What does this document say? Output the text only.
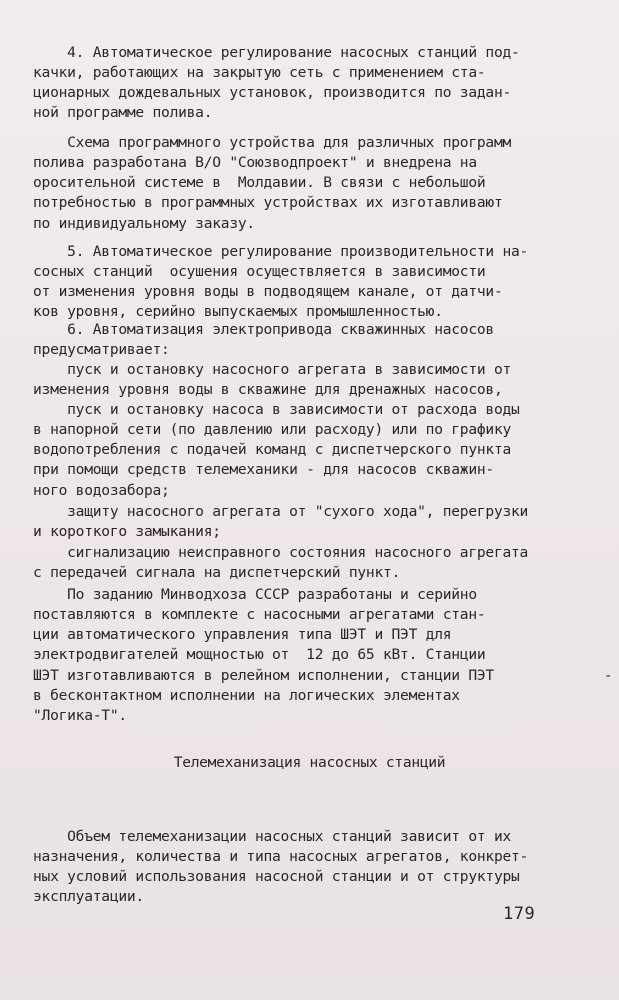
4. Автоматическое регулирование насосных станций под-
качки, работающих на закрытую сеть с применением ста-
ционарных дождевальных установок, производится по задан-
ной программе полива.
Схема программного устройства для различных программ
полива разработана В/О "Союзводпроект" и внедрена на
оросительной системе в  Молдавии. В связи с небольшой
потребностью в программных устройствах их изготавливают
по индивидуальному заказу.
5. Автоматическое регулирование производительности на-
сосных станций  осушения осуществляется в зависимости
от изменения уровня воды в подводящем канале, от датчи-
ков уровня, серийно выпускаемых промышленностью.
6. Автоматизация электропривода скважинных насосов
предусматривает:
пуск и остановку насосного агрегата в зависимости от
изменения уровня воды в скважине для дренажных насосов,
пуск и остановку насоса в зависимости от расхода воды
в напорной сети (по давлению или расходу) или по графику
водопотребления с подачей команд с диспетчерского пункта
при помощи средств телемеханики - для насосов скважин-
ного водозабора;
защиту насосного агрегата от "сухого хода", перегрузки
и короткого замыкания;
сигнализацию неисправного состояния насосного агрегата
с передачей сигнала на диспетчерский пункт.
По заданию Минводхоза СССР разработаны и серийно
поставляются в комплекте с насосными агрегатами стан-
ции автоматического управления типа ШЭТ и ПЭТ для
электродвигателей мощностью от  12 до 65 кВт. Станции
ШЭТ изготавливаются в релейном исполнении, станции ПЭТ
в бесконтактном исполнении на логических элементах
"Логика-Т".
Объем телемеханизации насосных станций зависит от их
назначения, количества и типа насосных агрегатов, конкрет-
ных условий использования насосной станции и от структуры
эксплуатации.
Телемеханизация насосных станций
-
179
